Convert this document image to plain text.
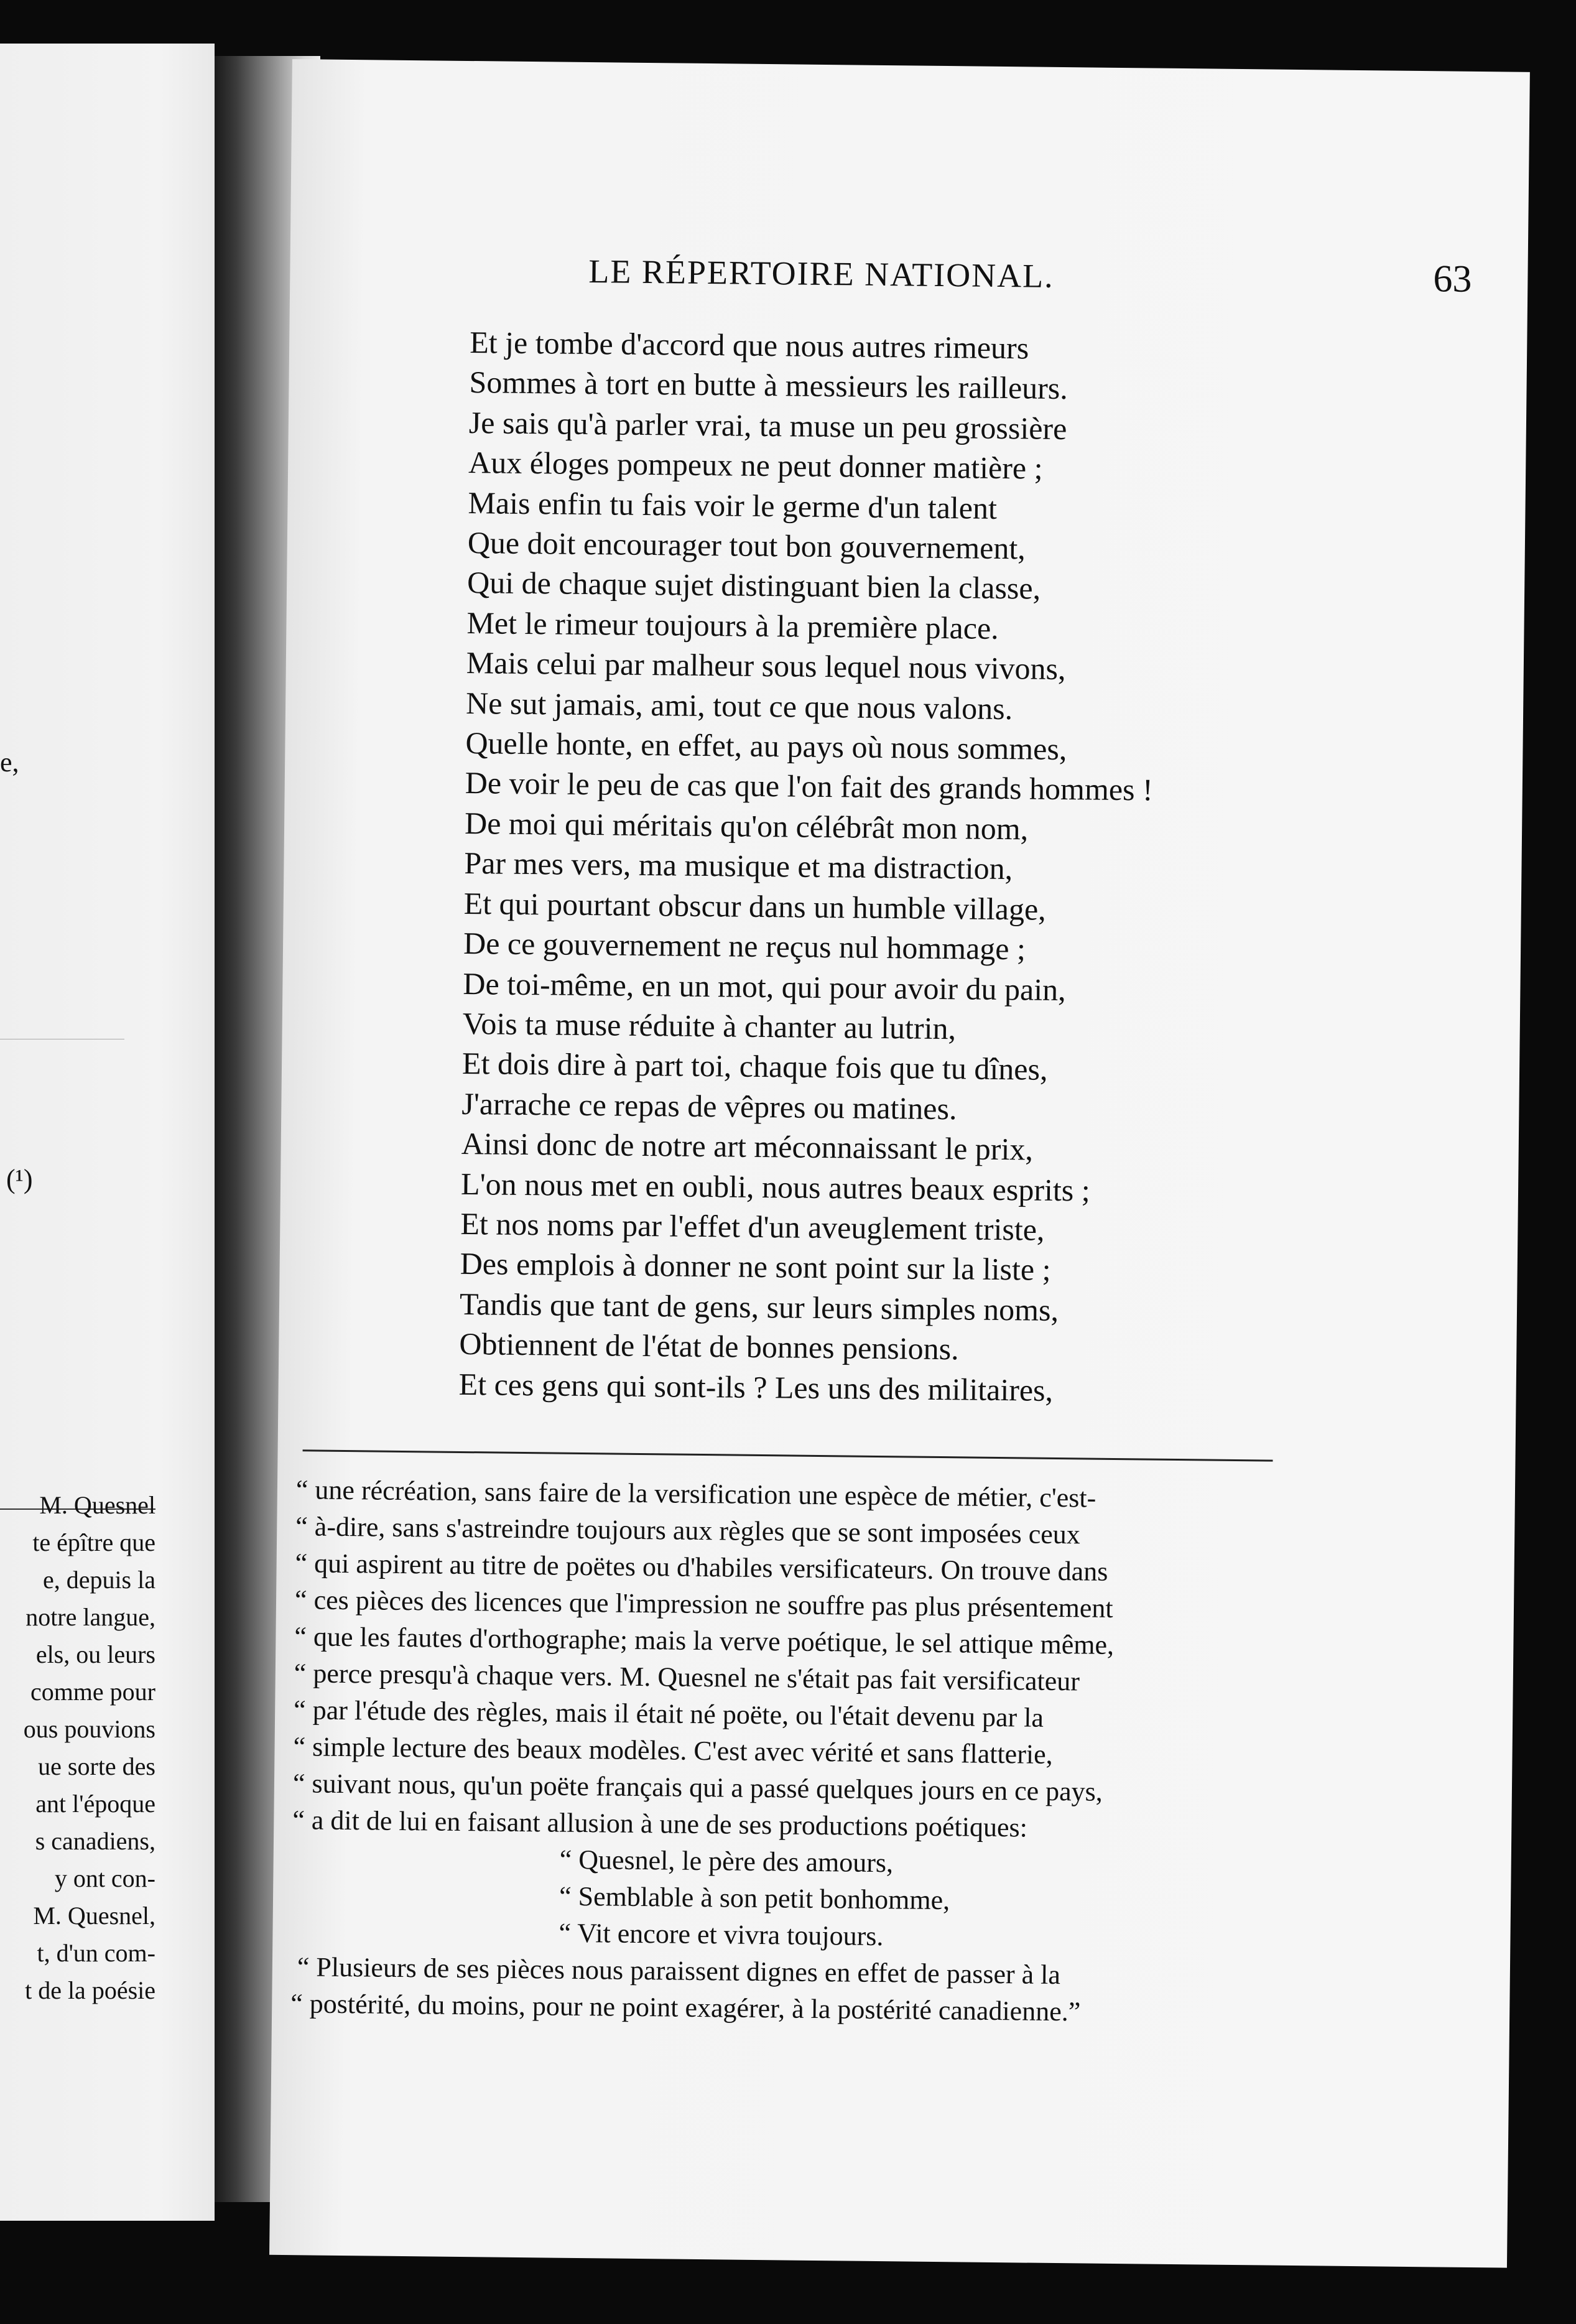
e,
(¹)
M. Quesnel
te épître que
e, depuis la
notre langue,
els, ou leurs
comme pour
ous pouvions
ue sorte des
ant l'époque
s canadiens,
y ont con-
M. Quesnel,
t, d'un com-
t de la poésie
LE RÉPERTOIRE NATIONAL.	63
Et je tombe d'accord que nous autres rimeurs
Sommes à tort en butte à messieurs les railleurs.
Je sais qu'à parler vrai, ta muse un peu grossière
Aux éloges pompeux ne peut donner matière ;
Mais enfin tu fais voir le germe d'un talent
Que doit encourager tout bon gouvernement,
Qui de chaque sujet distinguant bien la classe,
Met le rimeur toujours à la première place.
Mais celui par malheur sous lequel nous vivons,
Ne sut jamais, ami, tout ce que nous valons.
Quelle honte, en effet, au pays où nous sommes,
De voir le peu de cas que l'on fait des grands hommes !
De moi qui méritais qu'on célébrât mon nom,
Par mes vers, ma musique et ma distraction,
Et qui pourtant obscur dans un humble village,
De ce gouvernement ne reçus nul hommage ;
De toi-même, en un mot, qui pour avoir du pain,
Vois ta muse réduite à chanter au lutrin,
Et dois dire à part toi, chaque fois que tu dînes,
J'arrache ce repas de vêpres ou matines.
Ainsi donc de notre art méconnaissant le prix,
L'on nous met en oubli, nous autres beaux esprits ;
Et nos noms par l'effet d'un aveuglement triste,
Des emplois à donner ne sont point sur la liste ;
Tandis que tant de gens, sur leurs simples noms,
Obtiennent de l'état de bonnes pensions.
Et ces gens qui sont-ils ? Les uns des militaires,
“ une récréation, sans faire de la versification une espèce de métier, c'est-
“ à-dire, sans s'astreindre toujours aux règles que se sont imposées ceux
“ qui aspirent au titre de poëtes ou d'habiles versificateurs. On trouve dans
“ ces pièces des licences que l'impression ne souffre pas plus présentement
“ que les fautes d'orthographe; mais la verve poétique, le sel attique même,
“ perce presqu'à chaque vers. M. Quesnel ne s'était pas fait versificateur
“ par l'étude des règles, mais il était né poëte, ou l'était devenu par la
“ simple lecture des beaux modèles. C'est avec vérité et sans flatterie,
“ suivant nous, qu'un poëte français qui a passé quelques jours en ce pays,
“ a dit de lui en faisant allusion à une de ses productions poétiques:
“ Quesnel, le père des amours,
“ Semblable à son petit bonhomme,
“ Vit encore et vivra toujours.
“ Plusieurs de ses pièces nous paraissent dignes en effet de passer à la
“ postérité, du moins, pour ne point exagérer, à la postérité canadienne.”
